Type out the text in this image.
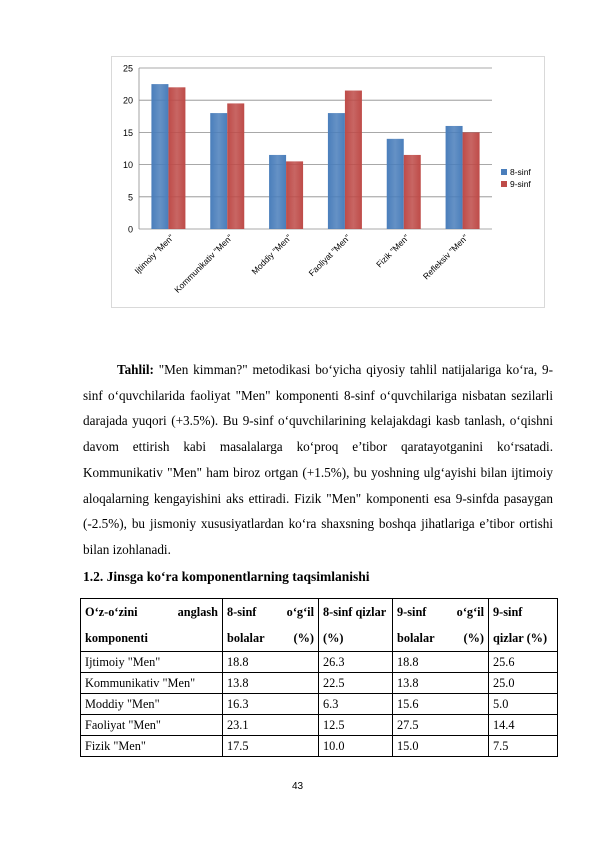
0
5
10
15
20
25
Ijtimoiy "Men"
Kommunikativ "Men" Moddiy "Men" Faoliyat "Men"	Fizik "Men" Refleksiv "Men"
8-sinf
9-sinf

Tahlil: "Men kimman?" metodikasi bo‘yicha qiyosiy tahlil natijalariga ko‘ra, 9-sinf o‘quvchilarida faoliyat "Men" komponenti 8-sinf o‘quvchilariga nisbatan sezilarli darajada yuqori (+3.5%). Bu 9-sinf o‘quvchilarining kelajakdagi kasb tanlash, o‘qishni davom ettirish kabi masalalarga ko‘proq e’tibor qaratayotganini ko‘rsatadi. Kommunikativ "Men" ham biroz ortgan (+1.5%), bu yoshning ulg‘ayishi bilan ijtimoiy aloqalarning kengayishini aks ettiradi. Fizik "Men" komponenti esa 9-sinfda pasaygan (-2.5%), bu jismoniy xususiyatlardan ko‘ra shaxsning boshqa jihatlariga e’tibor ortishi bilan izohlanadi.

1.2. Jinsga ko‘ra komponentlarning taqsimlanishi
O‘z-o‘zini anglash komponenti	8-sinf o‘g‘il bolalar (%)	8-sinf qizlar (%)	9-sinf o‘g‘il bolalar (%)	9-sinf qizlar (%)
Ijtimoiy "Men"	18.8	26.3	18.8	25.6
Kommunikativ "Men"	13.8	22.5	13.8	25.0
Moddiy "Men"	16.3	6.3	15.6	5.0
Faoliyat "Men"	23.1	12.5	27.5	14.4
Fizik "Men"	17.5	10.0	15.0	7.5
43
